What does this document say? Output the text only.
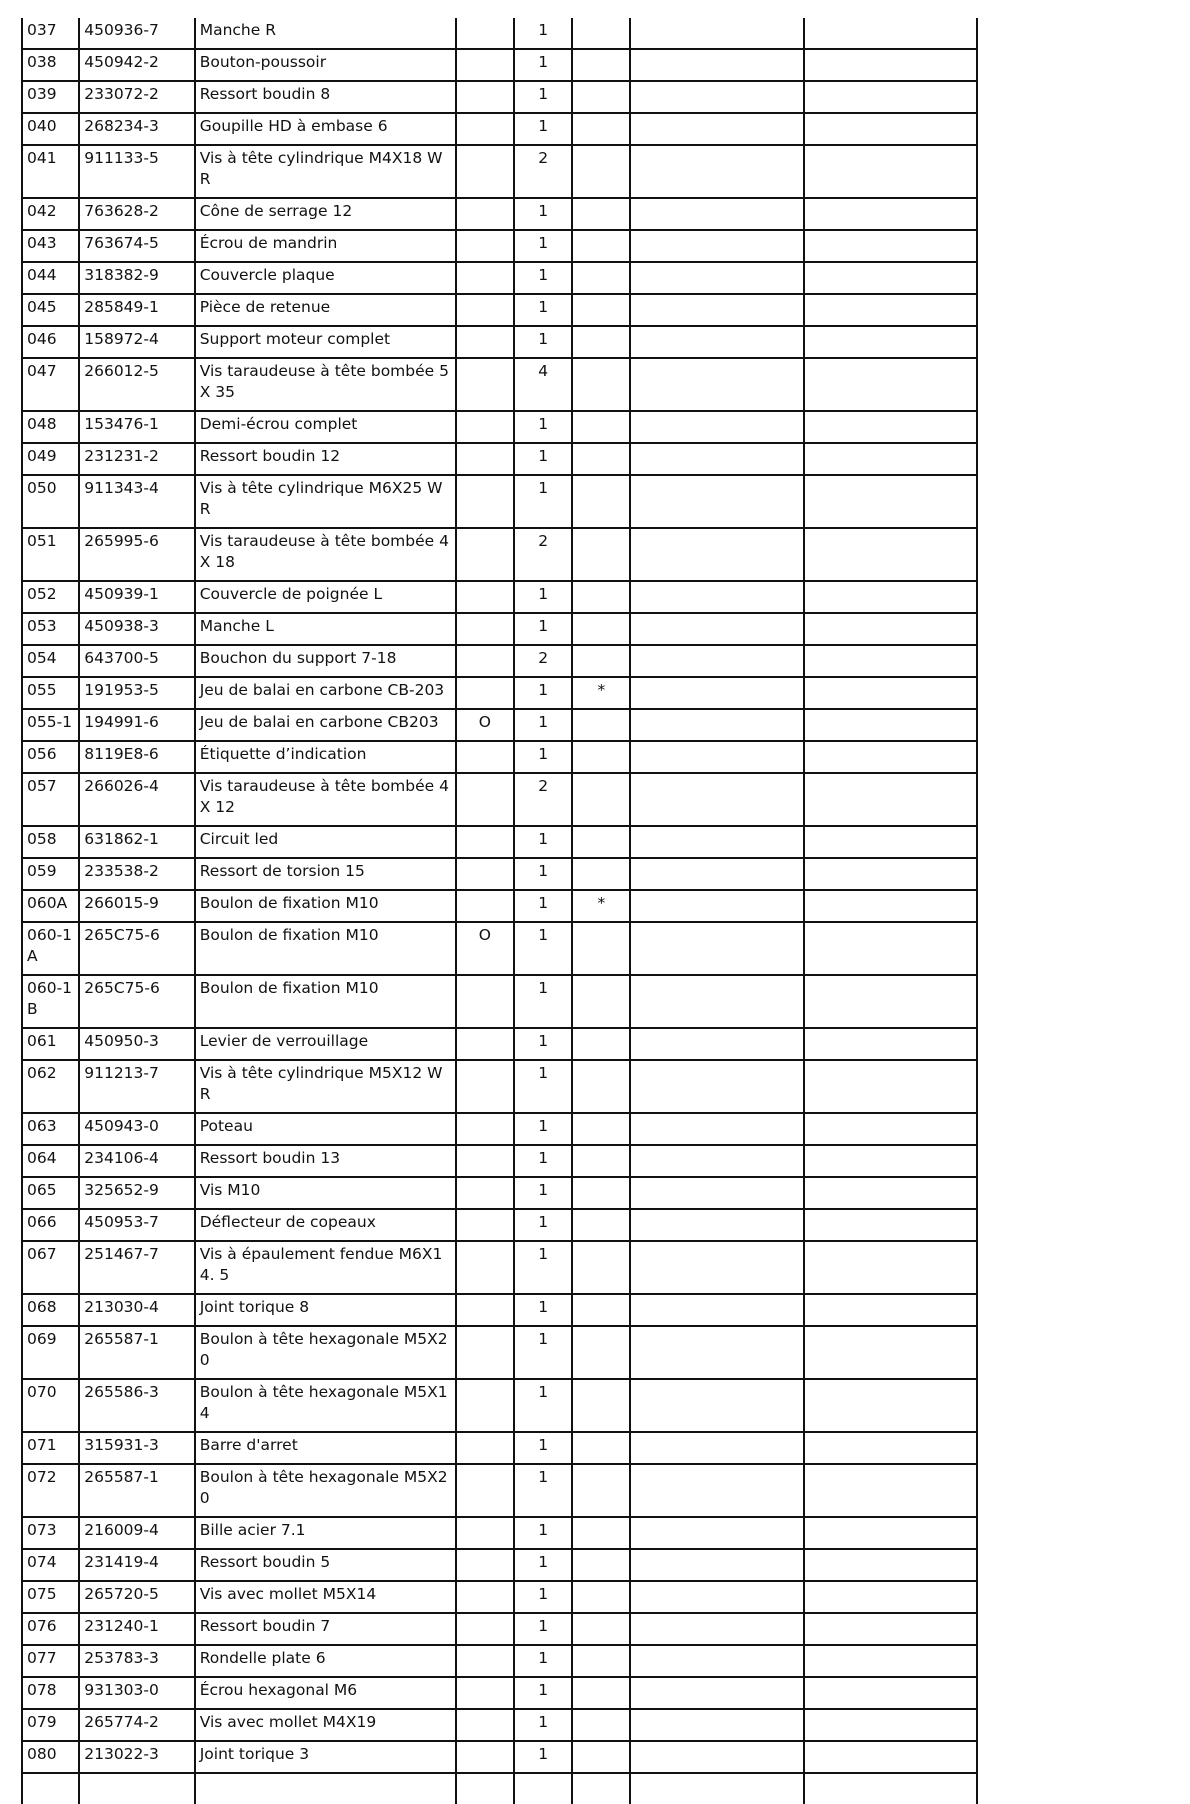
037	450936-7	Manche R		1			
038	450942-2	Bouton-poussoir		1			
039	233072-2	Ressort boudin 8		1			
040	268234-3	Goupille HD à embase 6		1			
041	911133-5	Vis à tête cylindrique M4X18 WR		2			
042	763628-2	Cône de serrage 12		1			
043	763674-5	Écrou de mandrin		1			
044	318382-9	Couvercle plaque		1			
045	285849-1	Pièce de retenue		1			
046	158972-4	Support moteur complet		1			
047	266012-5	Vis taraudeuse à tête bombée 5X 35		4			
048	153476-1	Demi-écrou complet		1			
049	231231-2	Ressort boudin 12		1			
050	911343-4	Vis à tête cylindrique M6X25 WR		1			
051	265995-6	Vis taraudeuse à tête bombée 4X 18		2			
052	450939-1	Couvercle de poignée L		1			
053	450938-3	Manche L		1			
054	643700-5	Bouchon du support 7-18		2			
055	191953-5	Jeu de balai en carbone CB-203		1	*		
055-1	194991-6	Jeu de balai en carbone CB203	O	1			
056	8119E8-6	Étiquette d’indication		1			
057	266026-4	Vis taraudeuse à tête bombée 4X 12		2			
058	631862-1	Circuit led		1			
059	233538-2	Ressort de torsion 15		1			
060A	266015-9	Boulon de fixation M10		1	*		
060-1 A	265C75-6	Boulon de fixation M10	O	1			
060-1 B	265C75-6	Boulon de fixation M10		1			
061	450950-3	Levier de verrouillage		1			
062	911213-7	Vis à tête cylindrique M5X12 WR		1			
063	450943-0	Poteau		1			
064	234106-4	Ressort boudin 13		1			
065	325652-9	Vis M10		1			
066	450953-7	Déflecteur de copeaux		1			
067	251467-7	Vis à épaulement fendue M6X14. 5		1			
068	213030-4	Joint torique 8		1			
069	265587-1	Boulon à tête hexagonale M5X20		1			
070	265586-3	Boulon à tête hexagonale M5X14		1			
071	315931-3	Barre d'arret		1			
072	265587-1	Boulon à tête hexagonale M5X20		1			
073	216009-4	Bille acier 7.1		1			
074	231419-4	Ressort boudin 5		1			
075	265720-5	Vis avec mollet M5X14		1			
076	231240-1	Ressort boudin 7		1			
077	253783-3	Rondelle plate 6		1			
078	931303-0	Écrou hexagonal M6		1			
079	265774-2	Vis avec mollet M4X19		1			
080	213022-3	Joint torique 3		1			
